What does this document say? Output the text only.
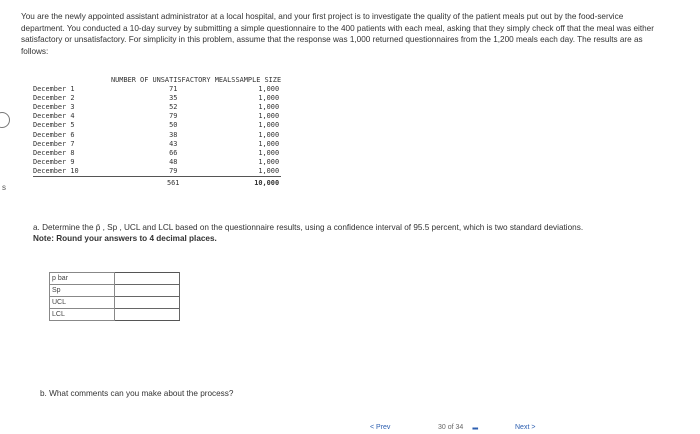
You are the newly appointed assistant administrator at a local hospital, and your first project is to investigate the quality of the patient meals put out by the food-service department. You conducted a 10-day survey by submitting a simple questionnaire to the 400 patients with each meal, asking that they simply check off that the meal was either satisfactory or unsatisfactory. For simplicity in this problem, assume that the response was 1,000 returned questionnaires from the 1,200 meals each day. The results are as follows:
s
	NUMBER OF UNSATISFACTORY MEALS	SAMPLE SIZE
December 1	71	1,000
December 2	35	1,000
December 3	52	1,000
December 4	79	1,000
December 5	50	1,000
December 6	38	1,000
December 7	43	1,000
December 8	66	1,000
December 9	48	1,000
December 10	79	1,000
	561	10,000
a. Determine the p̄ , Sp , UCL and LCL based on the questionnaire results, using a confidence interval of 95.5 percent, which is two standard deviations.
Note: Round your answers to 4 decimal places.
p bar	

Sp	

UCL	

LCL	
b. What comments can you make about the process?
< Prev	30 of 34 ▪▪▪	Next >
